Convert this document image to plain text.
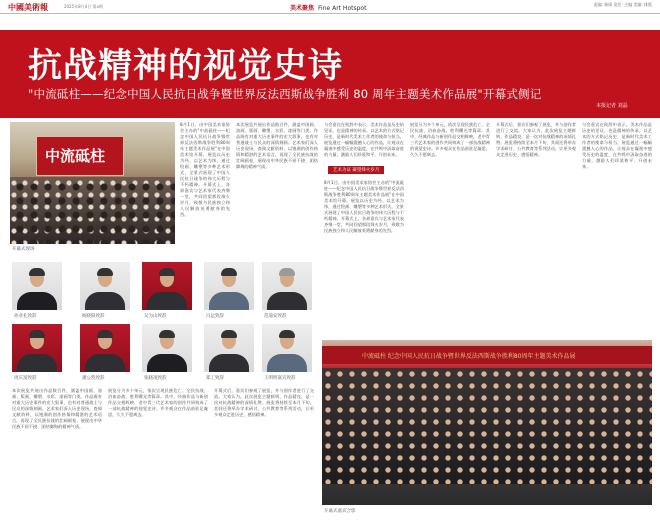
中國美術報	2025年8月4日 第x期	美术聚焦 Fine Art Hotspot
责编: 新闻 责任: 主编 美编: 排版
抗战精神的视觉史诗
"中流砥柱——纪念中国人民抗日战争暨世界反法西斯战争胜利 80 周年主题美术作品展"开幕式侧记
本报记者 刘晶
中流砥柱
开幕式现场
孙业礼致辞	杨晓阳致辞	吴为山致辞	冯远致辞	范迪安致辞
周庆富致辞	潘公凯致辞	张晓凌致辞	郑工致辞	王明明嘉宾致辞
8月1日，由中国美术家协会主办的"中流砥柱——纪念中国人民抗日战争暨世界反法西斯战争胜利80周年主题美术作品展"在中国美术馆开幕。展览以历史为经、以艺术为纬，通过绘画、雕塑等多种艺术形式，全景式展现了中国人民抗日战争的伟大历程与不朽精神。开幕式上，各界嘉宾与艺术家代表齐聚一堂，共同回望那段烽火岁月，致敬为民族独立和人民解放英勇献身的先烈。
本次展览共展出作品数百件，涵盖中国画、油画、版画、雕塑、水彩、漆画等门类。作品既有对重大历史事件的宏大叙事，也有对普通战士与民众的深情刻画。艺术家们深入历史现场，查阅文献资料，以饱满的创作热情和精湛的艺术语言，再现了全民族抗战的壮阔画卷，展现出中华民族不屈不挠、团结御侮的精神气质。
与会嘉宾在致辞中表示，美术作品是历史的见证，也是精神的传承。以艺术的方式铭记历史，是新时代美术工作者的使命与担当。展览通过一幅幅震撼人心的作品，让观众在凝视中感受历史的温度，在共鸣中汲取奋进的力量，激励人们珍爱和平、开创未来。
展览分为多个单元，依次呈现民族危亡、全民抗战、浴血奋战、胜利曙光等篇章。其中，经典作品与新创作品交相辉映，老中青三代艺术家的创作共同构成了一部抗战精神的视觉史诗。许多观众在作品前驻足凝思，久久不愿离去。
开幕式后，嘉宾们参观了展览，并与创作者进行了交流。大家认为，此次展览主题鲜明、作品精良，是一次对抗战精神的深情礼赞。展览将持续至本月下旬，其间还将举办学术研讨、公共教育等系列活动，让更多观众走进历史、感悟精神。
与会嘉宾在致辞中表示，美术作品是历史的见证，也是精神的传承。以艺术的方式铭记历史，是新时代美术工作者的使命与担当。展览通过一幅幅震撼人心的作品，让观众在凝视中感受历史的温度，在共鸣中汲取奋进的力量，激励人们珍爱和平、开创未来。
艺术为证 凝望烽火岁月
8月1日，由中国美术家协会主办的"中流砥柱——纪念中国人民抗日战争暨世界反法西斯战争胜利80周年主题美术作品展"在中国美术馆开幕。展览以历史为经、以艺术为纬，通过绘画、雕塑等多种艺术形式，全景式展现了中国人民抗日战争的伟大历程与不朽精神。开幕式上，各界嘉宾与艺术家代表齐聚一堂，共同回望那段烽火岁月，致敬为民族独立和人民解放英勇献身的先烈。
本次展览共展出作品数百件，涵盖中国画、油画、版画、雕塑、水彩、漆画等门类。作品既有对重大历史事件的宏大叙事，也有对普通战士与民众的深情刻画。艺术家们深入历史现场，查阅文献资料，以饱满的创作热情和精湛的艺术语言，再现了全民族抗战的壮阔画卷，展现出中华民族不屈不挠、团结御侮的精神气质。
展览分为多个单元，依次呈现民族危亡、全民抗战、浴血奋战、胜利曙光等篇章。其中，经典作品与新创作品交相辉映，老中青三代艺术家的创作共同构成了一部抗战精神的视觉史诗。许多观众在作品前驻足凝思，久久不愿离去。
开幕式后，嘉宾们参观了展览，并与创作者进行了交流。大家认为，此次展览主题鲜明、作品精良，是一次对抗战精神的深情礼赞。展览将持续至本月下旬，其间还将举办学术研讨、公共教育等系列活动，让更多观众走进历史、感悟精神。
中流砥柱 纪念中国人民抗日战争暨世界反法西斯战争胜利80周年主题美术作品展
开幕式嘉宾合影
